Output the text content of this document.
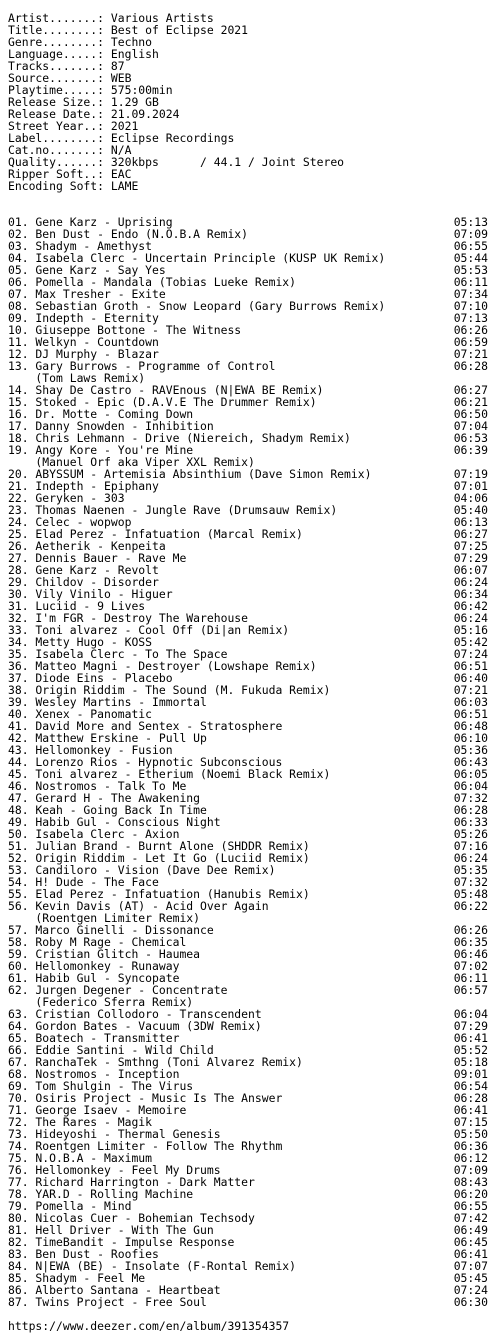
Artist.......: Various Artists
Title........: Best of Eclipse 2021
Genre........: Techno
Language.....: English
Tracks.......: 87
Source.......: WEB
Playtime.....: 575:00min
Release Size.: 1.29 GB
Release Date.: 21.09.2024
Street Year..: 2021
Label........: Eclipse Recordings
Cat.no.......: N/A
Quality......: 320kbps      / 44.1 / Joint Stereo
Ripper Soft..: EAC
Encoding Soft: LAME
01. Gene Karz - Uprising	05:13
02. Ben Dust - Endo (N.O.B.A Remix)	07:09
03. Shadym - Amethyst	06:55
04. Isabela Clerc - Uncertain Principle (KUSP UK Remix)	05:44
05. Gene Karz - Say Yes	05:53
06. Pomella - Mandala (Tobias Lueke Remix)	06:11
07. Max Tresher - Exite	07:34
08. Sebastian Groth - Snow Leopard (Gary Burrows Remix)	07:10
09. Indepth - Eternity	07:13
10. Giuseppe Bottone - The Witness	06:26
11. Welkyn - Countdown	06:59
12. DJ Murphy - Blazar	07:21
13. Gary Burrows - Programme of Control	06:28
(Tom Laws Remix)
14. Shay De Castro - RAVEnous (N|EWA BE Remix)	06:27
15. Stoked - Epic (D.A.V.E The Drummer Remix)	06:21
16. Dr. Motte - Coming Down	06:50
17. Danny Snowden - Inhibition	07:04
18. Chris Lehmann - Drive (Niereich, Shadym Remix)	06:53
19. Angy Kore - You're Mine	06:39
(Manuel Orf aka Viper XXL Remix)
20. ABYSSUM - Artemisia Absinthium (Dave Simon Remix)	07:19
21. Indepth - Epiphany	07:01
22. Geryken - 303	04:06
23. Thomas Naenen - Jungle Rave (Drumsauw Remix)	05:40
24. Celec - wopwop	06:13
25. Elad Perez - Infatuation (Marcal Remix)	06:27
26. Aetherik - Kenpeita	07:25
27. Dennis Bauer - Rave Me	07:29
28. Gene Karz - Revolt	06:07
29. Childov - Disorder	06:24
30. Vily Vinilo - Higuer	06:34
31. Luciid - 9 Lives	06:42
32. I'm FGR - Destroy The Warehouse	06:24
33. Toni alvarez - Cool Off (Di|an Remix)	05:16
34. Metty Hugo - KOSS	05:42
35. Isabela Clerc - To The Space	07:24
36. Matteo Magni - Destroyer (Lowshape Remix)	06:51
37. Diode Eins - Placebo	06:40
38. Origin Riddim - The Sound (M. Fukuda Remix)	07:21
39. Wesley Martins - Immortal	06:03
40. Xenex - Panomatic	06:51
41. David More and Sentex - Stratosphere	06:48
42. Matthew Erskine - Pull Up	06:10
43. Hellomonkey - Fusion	05:36
44. Lorenzo Rios - Hypnotic Subconscious	06:43
45. Toni alvarez - Etherium (Noemi Black Remix)	06:05
46. Nostromos - Talk To Me	06:04
47. Gerard H - The Awakening	07:32
48. Keah - Going Back In Time	06:28
49. Habib Gul - Conscious Night	06:33
50. Isabela Clerc - Axion	05:26
51. Julian Brand - Burnt Alone (SHDDR Remix)	07:16
52. Origin Riddim - Let It Go (Luciid Remix)	06:24
53. Candiloro - Vision (Dave Dee Remix)	05:35
54. H! Dude - The Face	07:32
55. Elad Perez - Infatuation (Hanubis Remix)	05:48
56. Kevin Davis (AT) - Acid Over Again	06:22
(Roentgen Limiter Remix)
57. Marco Ginelli - Dissonance	06:26
58. Roby M Rage - Chemical	06:35
59. Cristian Glitch - Haumea	06:46
60. Hellomonkey - Runaway	07:02
61. Habib Gul - Syncopate	06:11
62. Jurgen Degener - Concentrate	06:57
(Federico Sferra Remix)
63. Cristian Collodoro - Transcendent	06:04
64. Gordon Bates - Vacuum (3DW Remix)	07:29
65. Boatech - Transmitter	06:41
66. Eddie Santini - Wild Child	05:52
67. RanchaTek - Smthng (Toni Alvarez Remix)	05:18
68. Nostromos - Inception	09:01
69. Tom Shulgin - The Virus	06:54
70. Osiris Project - Music Is The Answer	06:28
71. George Isaev - Memoire	06:41
72. The Rares - Magik	07:15
73. Hideyoshi - Thermal Genesis	05:50
74. Roentgen Limiter - Follow The Rhythm	06:36
75. N.O.B.A - Maximum	06:12
76. Hellomonkey - Feel My Drums	07:09
77. Richard Harrington - Dark Matter	08:43
78. YAR.D - Rolling Machine	06:20
79. Pomella - Mind	06:55
80. Nicolas Cuer - Bohemian Techsody	07:42
81. Hell Driver - With The Gun	06:49
82. TimeBandit - Impulse Response	06:45
83. Ben Dust - Roofies	06:41
84. N|EWA (BE) - Insolate (F-Rontal Remix)	07:07
85. Shadym - Feel Me	05:45
86. Alberto Santana - Heartbeat	07:24
87. Twins Project - Free Soul	06:30
https://www.deezer.com/en/album/391354357
